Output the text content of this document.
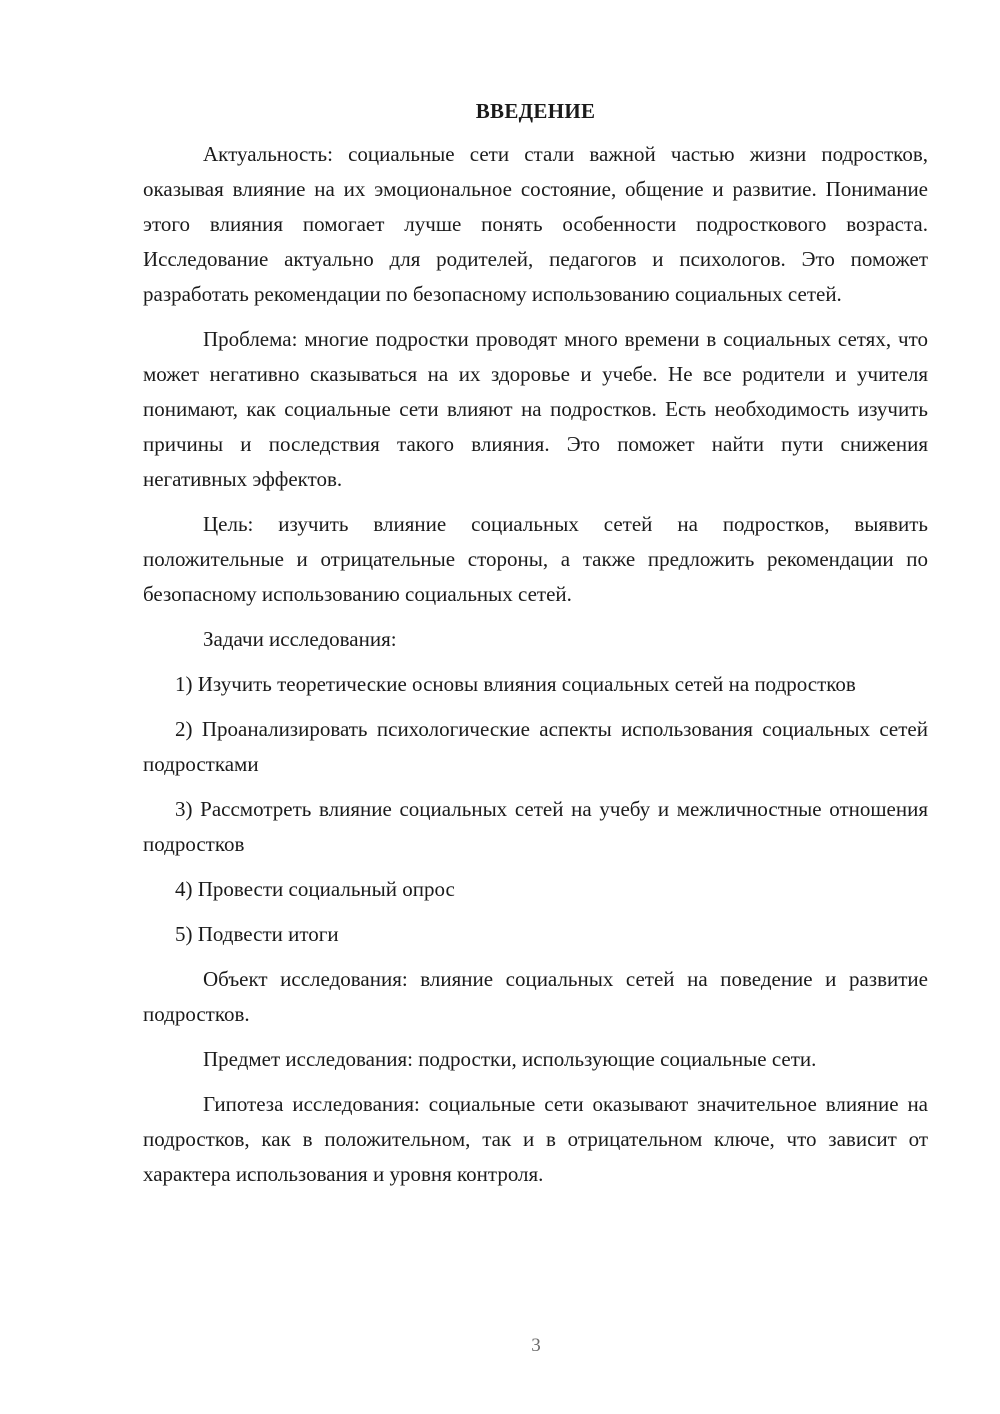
ВВЕДЕНИЕ

Актуальность: социальные сети стали важной частью жизни подростков, оказывая влияние на их эмоциональное состояние, общение и развитие. Понимание этого влияния помогает лучше понять особенности подросткового возраста. Исследование актуально для родителей, педагогов и психологов. Это поможет разработать рекомендации по безопасному использованию социальных сетей.

Проблема: многие подростки проводят много времени в социальных сетях, что может негативно сказываться на их здоровье и учебе. Не все родители и учителя понимают, как социальные сети влияют на подростков. Есть необходимость изучить причины и последствия такого влияния. Это поможет найти пути снижения негативных эффектов.

Цель: изучить влияние социальных сетей на подростков, выявить положительные и отрицательные стороны, а также предложить рекомендации по безопасному использованию социальных сетей.

Задачи исследования:

1) Изучить теоретические основы влияния социальных сетей на подростков

2) Проанализировать психологические аспекты использования социальных сетей подростками

3) Рассмотреть влияние социальных сетей на учебу и межличностные отношения подростков

4) Провести социальный опрос

5) Подвести итоги

Объект исследования: влияние социальных сетей на поведение и развитие подростков.

Предмет исследования: подростки, использующие социальные сети.

Гипотеза исследования: социальные сети оказывают значительное влияние на подростков, как в положительном, так и в отрицательном ключе, что зависит от характера использования и уровня контроля.

3
